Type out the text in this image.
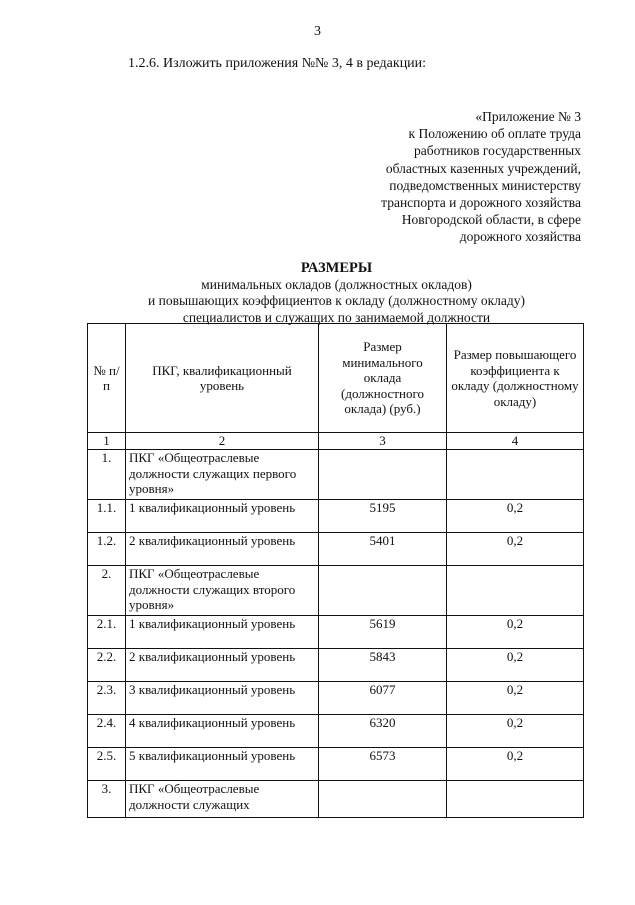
3
1.2.6. Изложить приложения №№ 3, 4 в редакции:
«Приложение № 3
к Положению об оплате труда
работников государственных
областных казенных учреждений,
подведомственных министерству
транспорта и дорожного хозяйства
Новгородской области, в сфере
дорожного хозяйства
РАЗМЕРЫ
минимальных окладов (должностных окладов)
и повышающих коэффициентов к окладу (должностному окладу)
специалистов и служащих по занимаемой должности
№ п/п	ПКГ, квалификационный уровень	Размер минимального оклада (должностного оклада) (руб.)	Размер повышающего коэффициента к окладу (должностному окладу)
1	2	3	4
1.	ПКГ «Общеотраслевые должности служащих первого уровня»		
1.1.	1 квалификационный уровень	5195	0,2
1.2.	2 квалификационный уровень	5401	0,2
2.	ПКГ «Общеотраслевые должности служащих второго уровня»		
2.1.	1 квалификационный уровень	5619	0,2
2.2.	2 квалификационный уровень	5843	0,2
2.3.	3 квалификационный уровень	6077	0,2
2.4.	4 квалификационный уровень	6320	0,2
2.5.	5 квалификационный уровень	6573	0,2
3.	ПКГ «Общеотраслевые должности служащих		
